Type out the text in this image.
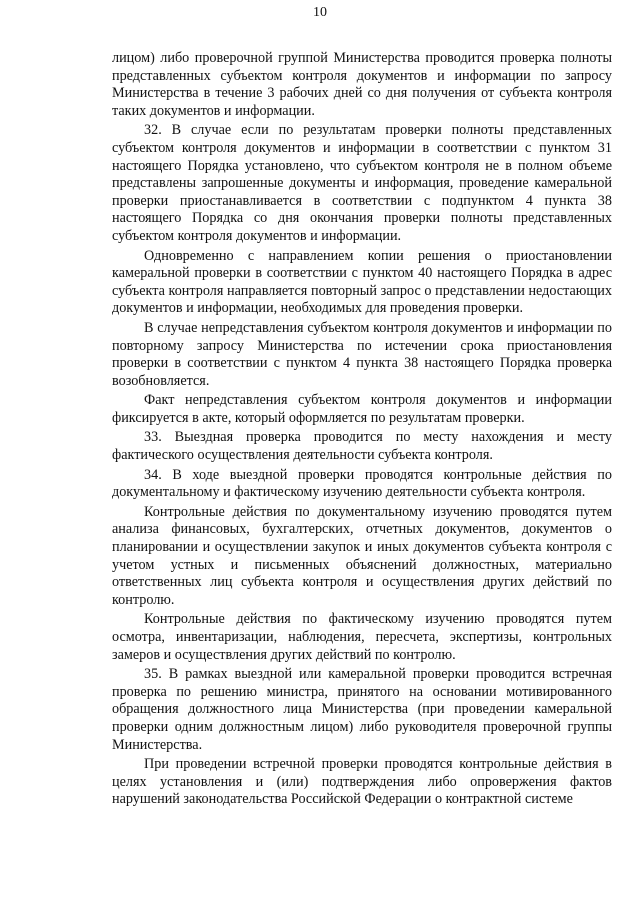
10

лицом) либо проверочной группой Министерства проводится проверка полноты представленных субъектом контроля документов и информации по запросу Министерства в течение 3 рабочих дней со дня получения от субъекта контроля таких документов и информации.

32. В случае если по результатам проверки полноты представленных субъектом контроля документов и информации в соответствии с пунктом 31 настоящего Порядка установлено, что субъектом контроля не в полном объеме представлены запрошенные документы и информация, проведение камеральной проверки приостанавливается в соответствии с подпунктом 4 пункта 38 настоящего Порядка со дня окончания проверки полноты представленных субъектом контроля документов и информации.

Одновременно с направлением копии решения о приостановлении камеральной проверки в соответствии с пунктом 40 настоящего Порядка в адрес субъекта контроля направляется повторный запрос о представлении недостающих документов и информации, необходимых для проведения проверки.

В случае непредставления субъектом контроля документов и информации по повторному запросу Министерства по истечении срока приостановления проверки в соответствии с пунктом 4 пункта 38 настоящего Порядка проверка возобновляется.

Факт непредставления субъектом контроля документов и информации фиксируется в акте, который оформляется по результатам проверки.

33. Выездная проверка проводится по месту нахождения и месту фактического осуществления деятельности субъекта контроля.

34. В ходе выездной проверки проводятся контрольные действия по документальному и фактическому изучению деятельности субъекта контроля.

Контрольные действия по документальному изучению проводятся путем анализа финансовых, бухгалтерских, отчетных документов, документов о планировании и осуществлении закупок и иных документов субъекта контроля с учетом устных и письменных объяснений должностных, материально ответственных лиц субъекта контроля и осуществления других действий по контролю.

Контрольные действия по фактическому изучению проводятся путем осмотра, инвентаризации, наблюдения, пересчета, экспертизы, контрольных замеров и осуществления других действий по контролю.

35. В рамках выездной или камеральной проверки проводится встречная проверка по решению министра, принятого на основании мотивированного обращения должностного лица Министерства (при проведении камеральной проверки одним должностным лицом) либо руководителя проверочной группы Министерства.

При проведении встречной проверки проводятся контрольные действия в целях установления и (или) подтверждения либо опровержения фактов нарушений законодательства Российской Федерации о контрактной системе
